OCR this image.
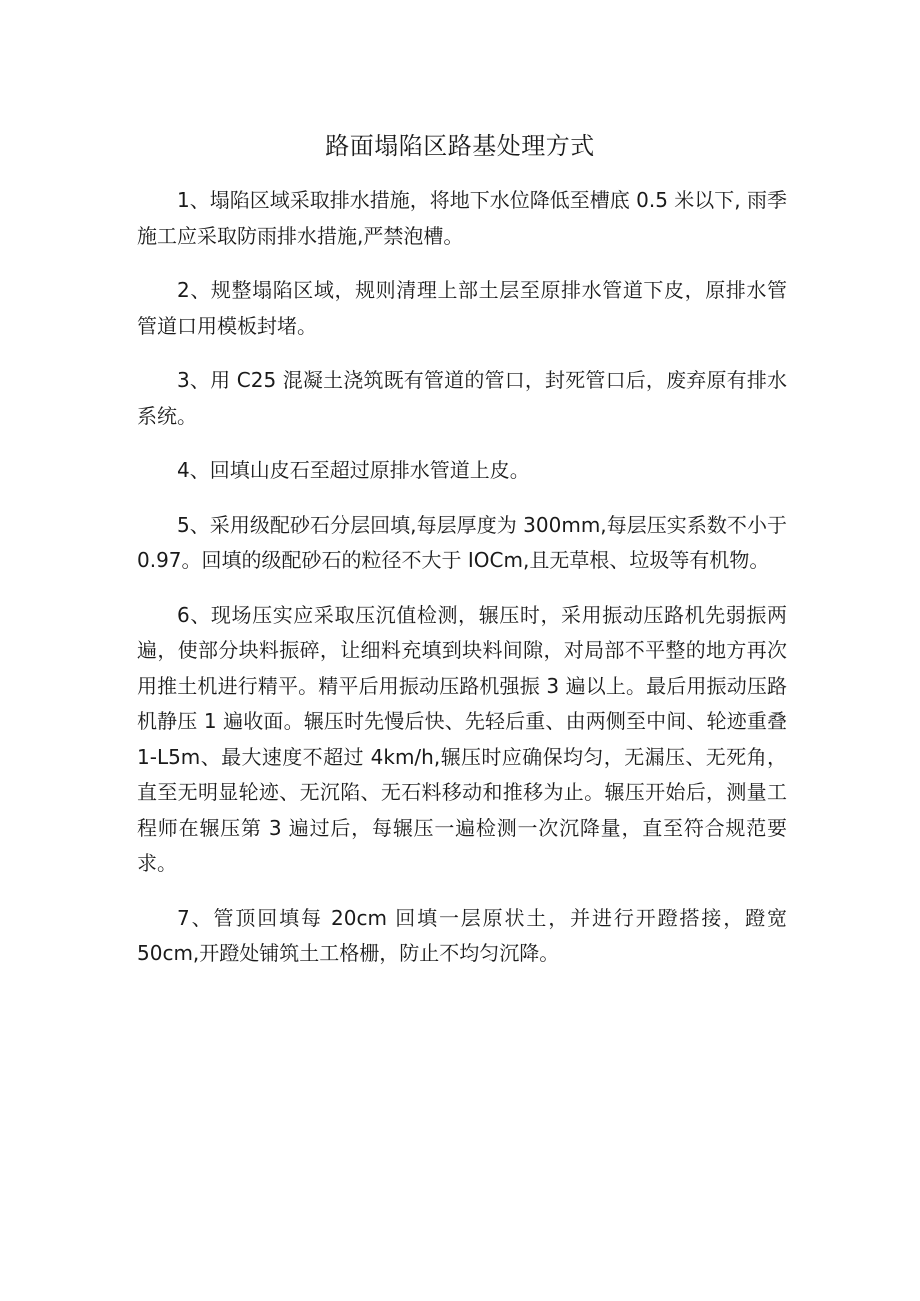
路面塌陷区路基处理方式

1、塌陷区域采取排水措施，将地下水位降低至槽底 0.5 米以下, 雨季施工应采取防雨排水措施,严禁泡槽。

2、规整塌陷区域，规则清理上部土层至原排水管道下皮，原排水管管道口用模板封堵。

3、用 C25 混凝土浇筑既有管道的管口，封死管口后，废弃原有排水系统。

4、回填山皮石至超过原排水管道上皮。

5、采用级配砂石分层回填,每层厚度为 300mm,每层压实系数不小于 0.97。回填的级配砂石的粒径不大于 IOCm,且无草根、垃圾等有机物。

6、现场压实应采取压沉值检测，辗压时，采用振动压路机先弱振两遍，使部分块料振碎，让细料充填到块料间隙，对局部不平整的地方再次用推土机进行精平。精平后用振动压路机强振 3 遍以上。最后用振动压路机静压 1 遍收面。辗压时先慢后快、先轻后重、由两侧至中间、轮迹重叠 1-L5m、最大速度不超过 4km/h,辗压时应确保均匀，无漏压、无死角，直至无明显轮迹、无沉陷、无石料移动和推移为止。辗压开始后，测量工程师在辗压第 3 遍过后，每辗压一遍检测一次沉降量，直至符合规范要求。

7、管顶回填每 20cm 回填一层原状土，并进行开蹬搭接，蹬宽 50cm,开蹬处铺筑土工格栅，防止不均匀沉降。
